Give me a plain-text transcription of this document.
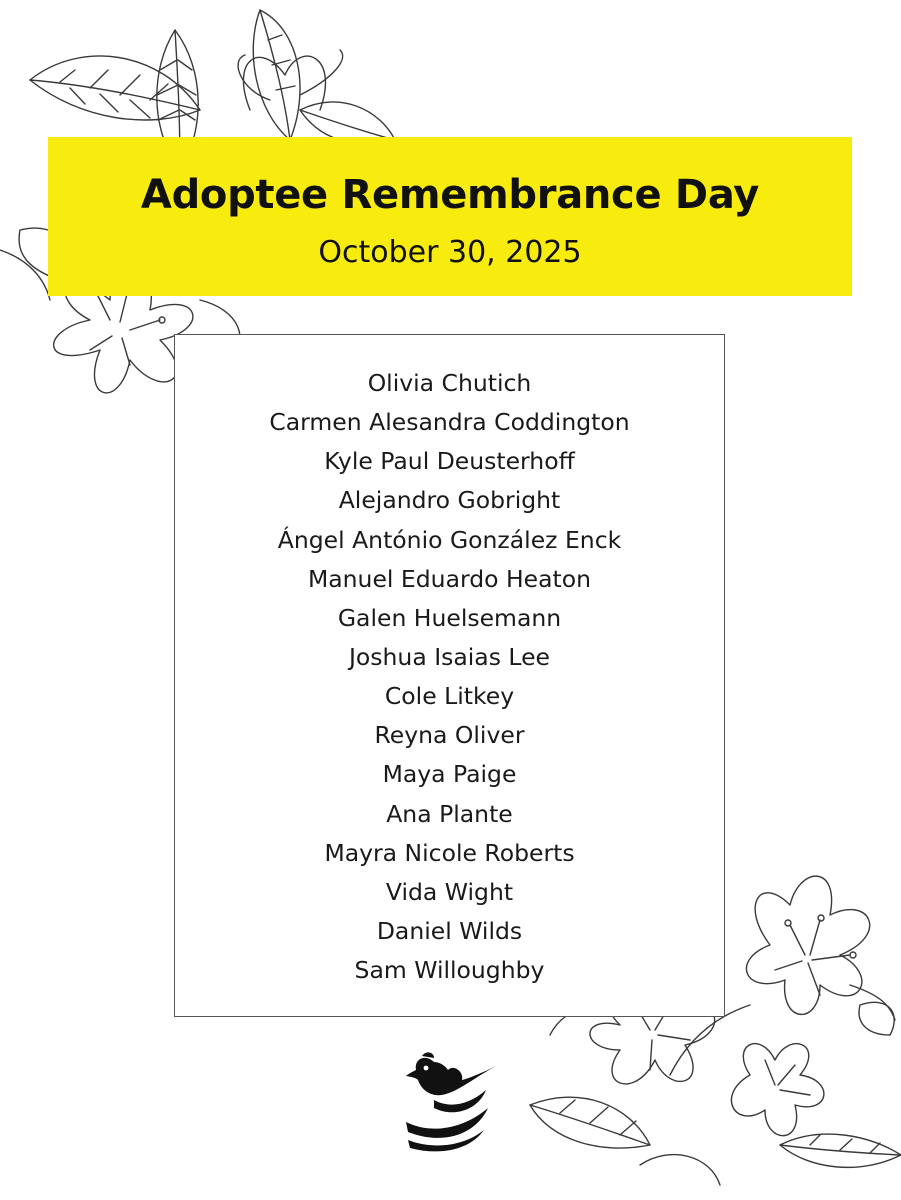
Adoptee Remembrance Day
October 30, 2025
Olivia Chutich
Carmen Alesandra Coddington
Kyle Paul Deusterhoff
Alejandro Gobright
Ángel António González Enck
Manuel Eduardo Heaton
Galen Huelsemann
Joshua Isaias Lee
Cole Litkey
Reyna Oliver
Maya Paige
Ana Plante
Mayra Nicole Roberts
Vida Wight
Daniel Wilds
Sam Willoughby
